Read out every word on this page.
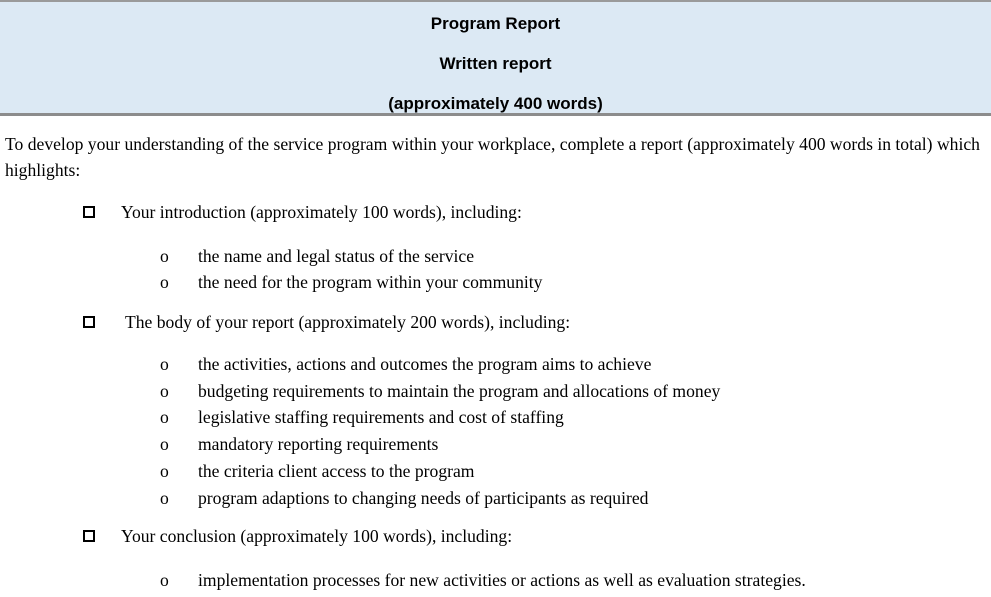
Program Report
Written report
(approximately 400 words)
To develop your understanding of the service program within your workplace, complete a report (approximately 400 words in total) which highlights:
Your introduction (approximately 100 words), including:
o the name and legal status of the service
o the need for the program within your community
The body of your report (approximately 200 words), including:
o the activities, actions and outcomes the program aims to achieve
o budgeting requirements to maintain the program and allocations of money
o legislative staffing requirements and cost of staffing
o mandatory reporting requirements
o the criteria client access to the program
o program adaptions to changing needs of participants as required
Your conclusion (approximately 100 words), including:
o implementation processes for new activities or actions as well as evaluation strategies.
